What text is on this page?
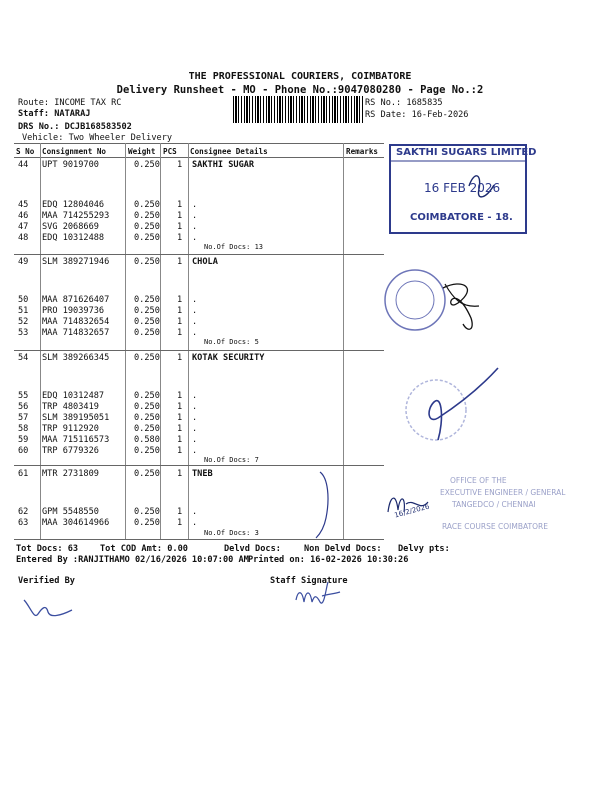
THE PROFESSIONAL COURIERS, COIMBATORE
Delivery Runsheet - MO - Phone No.:9047080280 - Page No.:2
Route: INCOME TAX RC
Staff: NATARAJ
DRS No.: DCJB168583502
Vehicle: Two Wheeler Delivery
RS No.: 1685835
RS Date: 16-Feb-2026
S No Consignment No	Weight PCS Consignee Details	Remarks
44 UPT 9019700	0.250 1 SAKTHI SUGAR
45 EDQ 12804046	0.250 1 .
46 MAA 714255293	0.250 1 .
47 SVG 2068669	0.250 1 .
48 EDQ 10312488	0.250 1 .
No.Of Docs: 13
49 SLM 389271946	0.250 1 CHOLA
50 MAA 871626407	0.250 1 .
51 PRO 19039736	0.250 1 .
52 MAA 714832654	0.250 1 .
53 MAA 714832657	0.250 1 .
No.Of Docs: 5
54 SLM 389266345	0.250 1 KOTAK SECURITY
55 EDQ 10312487	0.250 1 .
56 TRP 4803419	0.250 1 .
57 SLM 389195051	0.250 1 .
58 TRP 9112920	0.250 1 .
59 MAA 715116573	0.580 1 .
60 TRP 6779326	0.250 1 .
No.Of Docs: 7
61 MTR 2731809	0.250 1 TNEB
62 GPM 5548550	0.250 1 .
63 MAA 304614966	0.250 1 .
No.Of Docs: 3
Tot Docs: 63	Tot COD Amt: 0.00	Delvd Docs:	Non Delvd Docs: Delvy pts:
Entered By :RANJITHAMO 02/16/2026 10:07:00 AM Printed on: 16-02-2026 10:30:26
Verified By	Staff Signature
SAKTHI SUGARS LIMITED
16 FEB 2026
COIMBATORE - 18.
16/2/2026
OFFICE OF THE
EXECUTIVE ENGINEER / GENERAL
TANGEDCO / CHENNAI
RACE COURSE COIMBATORE
